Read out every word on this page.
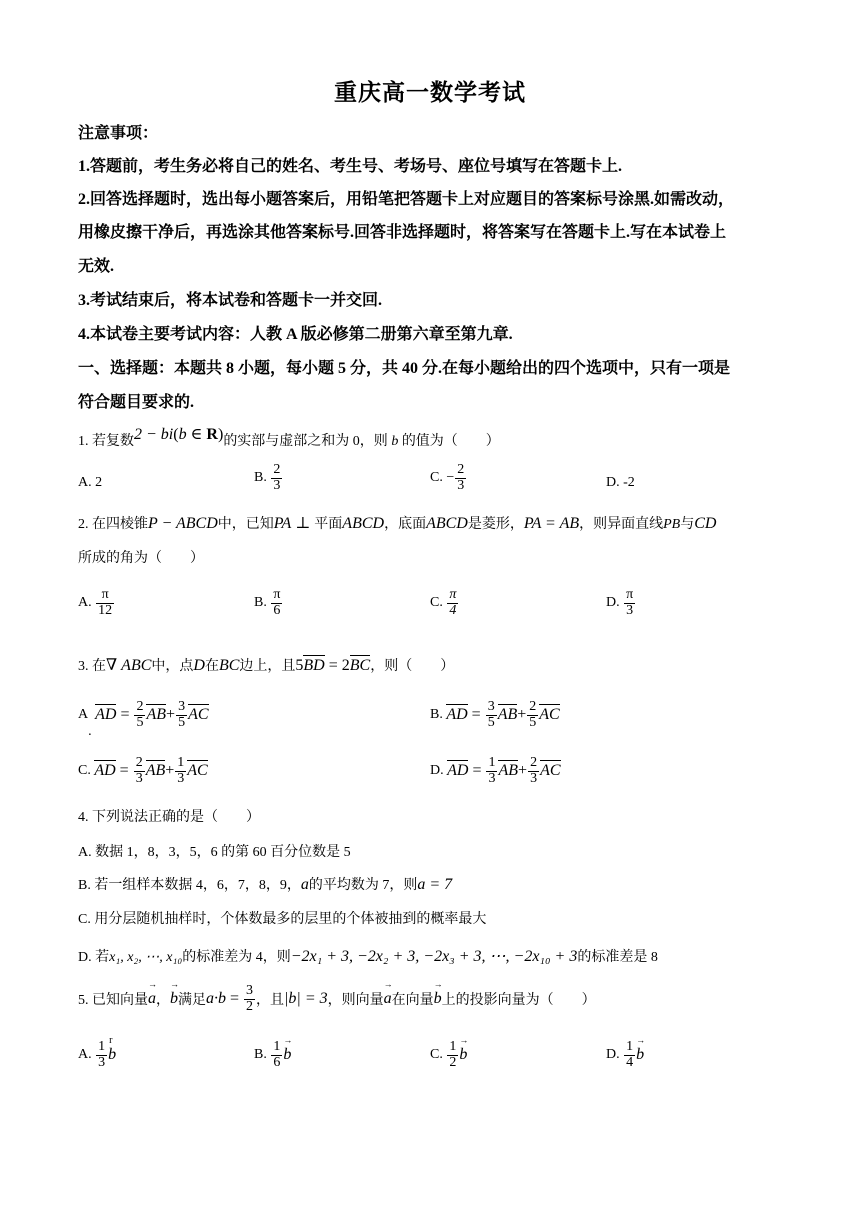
重庆高一数学考试
注意事项：
1.答题前，考生务必将自己的姓名、考生号、考场号、座位号填写在答题卡上.
2.回答选择题时，选出每小题答案后，用铅笔把答题卡上对应题目的答案标号涂黑.如需改动，
用橡皮擦干净后，再选涂其他答案标号.回答非选择题时，将答案写在答题卡上.写在本试卷上
无效.
3.考试结束后，将本试卷和答题卡一并交回.
4.本试卷主要考试内容：人教 A 版必修第二册第六章至第九章.
一、选择题：本题共 8 小题，每小题 5 分，共 40 分.在每小题给出的四个选项中，只有一项是
符合题目要求的.
1. 若复数2 − bi(b ∈ R)的实部与虚部之和为 0，则 b 的值为（　　）
A. 2	B. $\frac{2}{3}$	C. − $\frac{2}{3}$	D. -2
2. 在四棱锥P − ABCD中，已知PA ⊥ 平面ABCD，底面ABCD是菱形，PA = AB，则异面直线PB与CD
所成的角为（　　）
A. $\frac{\pi}{12}$	B. $\frac{\pi}{6}$	C. $\frac{\pi}{4}$	D. $\frac{\pi}{3}$
3. 在∇ ABC中，点D在BC边上，且5BD = 2BC，则（　　）
A. AD = $\frac{2}{5} AB+ \frac{3}{5}$ AC	B. AD = $\frac{3}{5} AB+ \frac{2}{5}$ AC
C. AD = $\frac{2}{3} AB+ \frac{1}{3}$ AC	D. AD = $\frac{1}{3} AB+ \frac{2}{3}$ AC
4. 下列说法正确的是（　　）
A. 数据 1，8，3，5，6 的第 60 百分位数是 5
B. 若一组样本数据 4，6，7，8，9，a的平均数为 7，则a = 7
C. 用分层随机抽样时，个体数最多的层里的个体被抽到的概率最大
D. 若x₁, x₂, ⋯, x₁₀的标准差为 4，则−2x₁ + 3, −2x₂ + 3, −2x₃ + 3, ⋯, −2x₁₀ + 3的标准差是 8
5. 已知向量→ a，→ b满足$a\cdot b = \frac{3}{2}$ ，且|b| = 3，则向量→ a在向量→ b上的投影向量为（　　）
A. $\frac{1}{3}$ r
b	B. $\frac{1}{6}$
→ b	C. $\frac{1}{2}$
→ b	D. $\frac{1}{4}$
→ b
